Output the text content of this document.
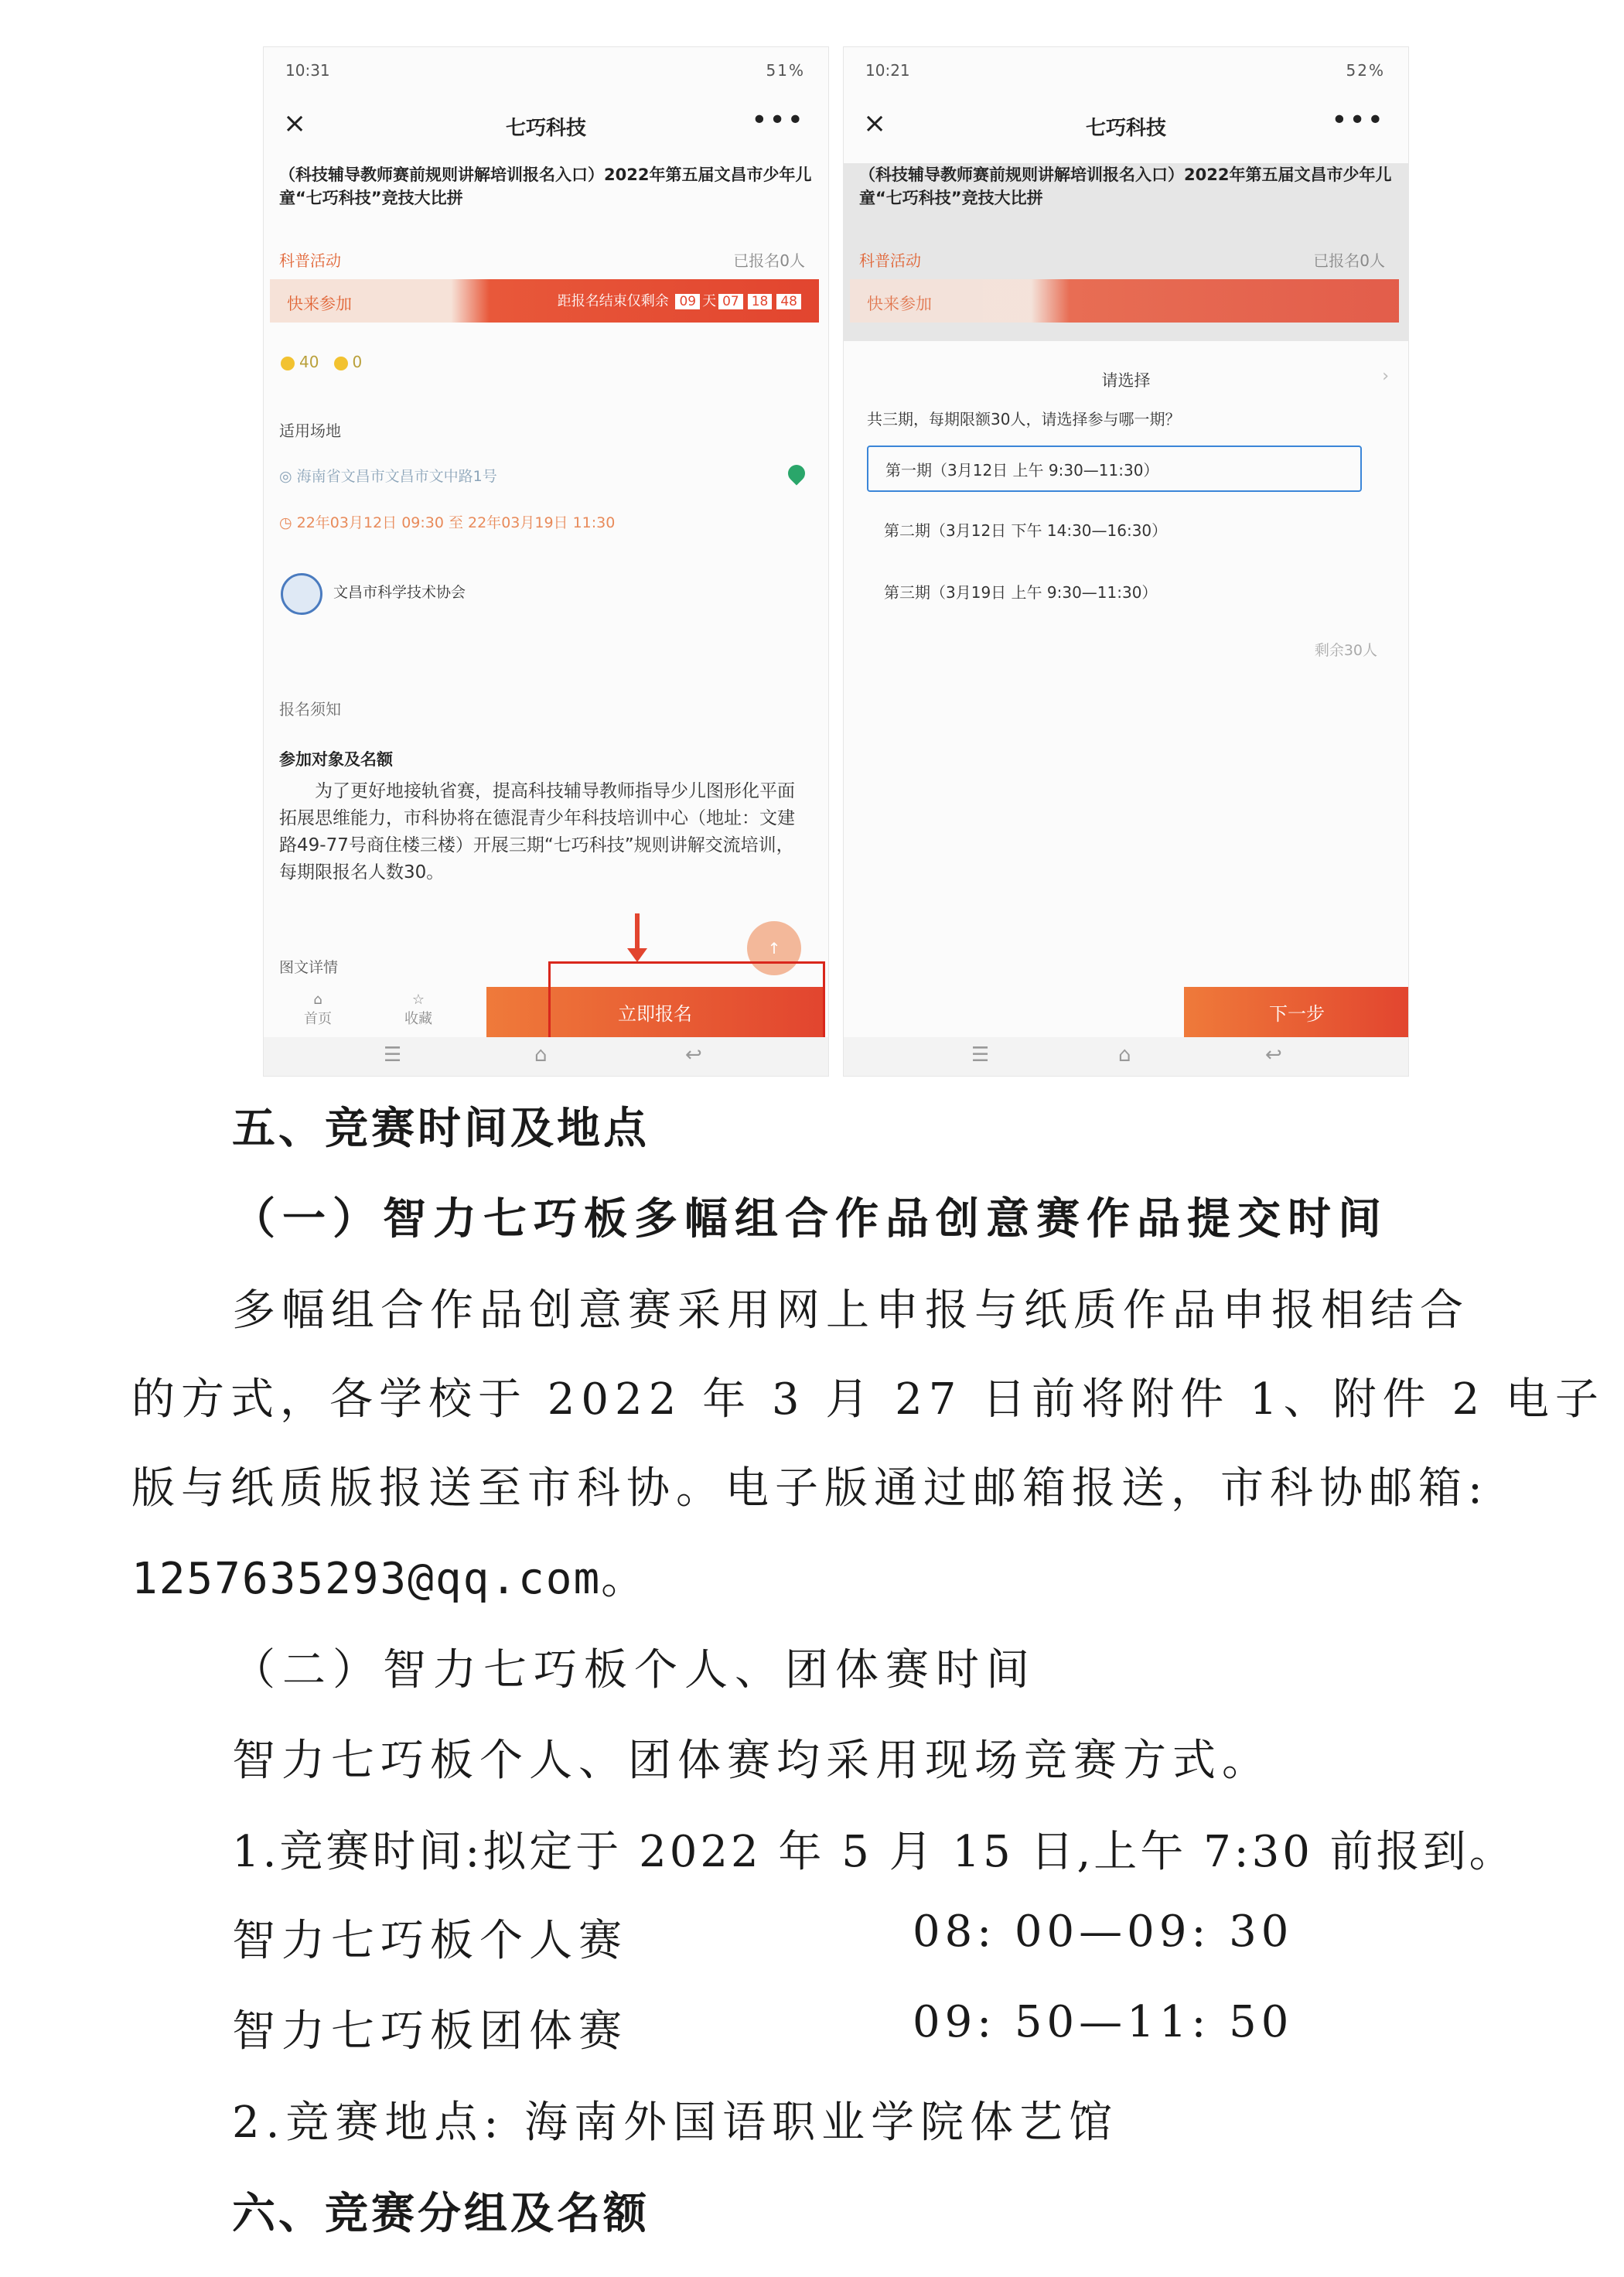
10:31	51%
×	七巧科技	•••
（科技辅导教师赛前规则讲解培训报名入口）2022年第五届文昌市少年儿童“七巧科技”竞技大比拼
科普活动	已报名0人
快来参加	距报名结束仅剩余 09 天 07 18 48
40 0
适用场地
◎ 海南省文昌市文昌市文中路1号
◷ 22年03月12日 09:30 至 22年03月19日 11:30
文昌市科学技术协会
报名须知
参加对象及名额
为了更好地接轨省赛，提高科技辅导教师指导少儿图形化平面拓展思维能力，市科协将在德混青少年科技培训中心（地址：文建路49-77号商住楼三楼）开展三期“七巧科技”规则讲解交流培训，每期限报名人数30。
↑
图文详情
⌂
首页
☆
收藏	立即报名
☰	⌂	↩
10:21	52%
×	七巧科技	•••
（科技辅导教师赛前规则讲解培训报名入口）2022年第五届文昌市少年儿童“七巧科技”竞技大比拼
科普活动	已报名0人
快来参加
请选择	›
共三期，每期限额30人，请选择参与哪一期？
第一期（3月12日 上午 9:30—11:30）
第二期（3月12日 下午 14:30—16:30）
第三期（3月19日 上午 9:30—11:30）
剩余30人
下一步
☰	⌂	↩
五、竞赛时间及地点
（一）智力七巧板多幅组合作品创意赛作品提交时间
多幅组合作品创意赛采用网上申报与纸质作品申报相结合
的方式，各学校于 2022 年 3 月 27 日前将附件 1、附件 2 电子
版与纸质版报送至市科协。电子版通过邮箱报送，市科协邮箱:
1257635293@qq.com。
（二）智力七巧板个人、团体赛时间
智力七巧板个人、团体赛均采用现场竞赛方式。
1.竞赛时间:拟定于 2022 年 5 月 15 日,上午 7:30 前报到。
智力七巧板个人赛	08: 00—09: 30
智力七巧板团体赛	09: 50—11: 50
2.竞赛地点: 海南外国语职业学院体艺馆
六、竞赛分组及名额
